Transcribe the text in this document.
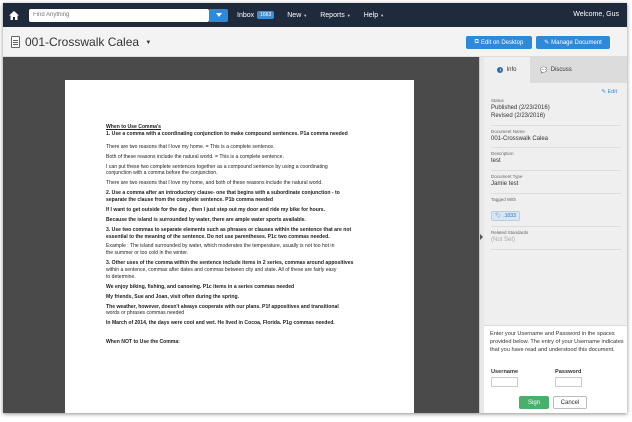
Find Anything
Inbox	1663	New ▼ Reports ▼ Help ▼	Welcome, Gus
001-Crosswalk Calea ▼	⧉ Edit on Desktop	✎ Manage Document
When to Use Comma's
1. Use a comma with a coordinating conjunction to make compound sentences. P1a comma needed
There are two reasons that I love my home. = This is a complete sentence.
Both of these reasons include the natural world. = This is a complete sentence.
I can put these two complete sentences together as a compound sentence by using a coordinating
conjunction with a comma before the conjunction.
There are two reasons that I love my home, and both of these reasons include the natural world.
2. Use a comma after an introductory clause- one that begins with a subordinate conjunction - to
separate the clause from the complete sentence. P1b comma needed
If I want to get outside for the day , then I just step out my door and ride my bike for hours.
Because the island is surrounded by water, there are ample water sports available.
3. Use two commas to separate elements such as phrases or clauses within the sentence that are not
essential to the meaning of the sentence. Do not use parentheses. P1c two commas needed.
Example : The island surrounded by water, which moderates the temperature, usually is not too hot in
the summer or too cold in the winter.
3. Other uses of the comma within the sentence include items in 2 series, commas around appositives
within a sentence, commas after dates and commas between city and state. All of these are fairly easy
to determine.
We enjoy biking, fishing, and canoeing. P1c items in a series commas needed
My friends, Sue and Joan, visit often during the spring.
The weather, however, doesn't always cooperate with our plans. P1f appositives and transitional
words or phrases commas needed
In March of 2014, the days were cool and wet. He lived in Cocoa, Florida. P1g commas needed.
When NOT to Use the Comma:
i Info	💬 Discuss
✎ Edit
Status
Published (2/23/2016)
Revised (2/23/2016)
Document Name
001-Crosswalk Calea
Description
test
Document Type
Jamie test
Tagged With
🏷 .1033
Related Standards
(Not Set)
Enter your Username and Password in the spaces provided below. The entry of your Username indicates that you have read and understood this document.
Username	Password
Sign	Cancel
